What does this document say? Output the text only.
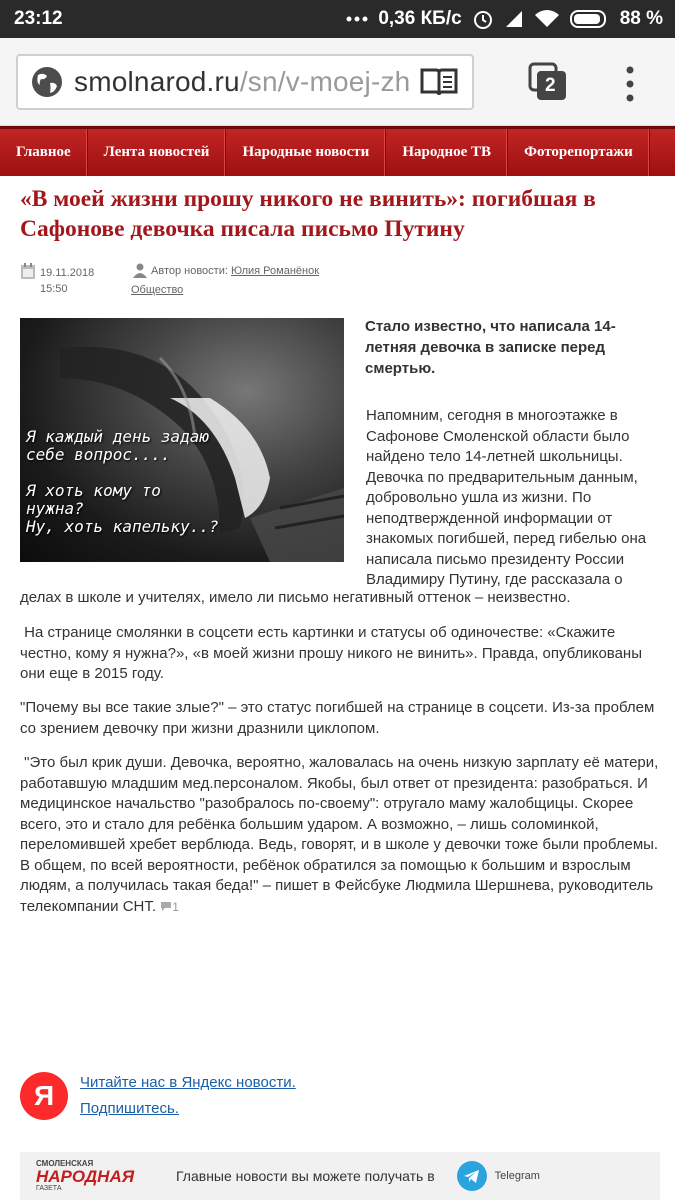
23:12	0,36 КБ/с	88 %
smolnarod.ru/sn/v-moej-zh	2
Главное	Лента новостей	Народные новости	Народное ТВ	Фоторепортажи
«В моей жизни прошу никого не винить»: погибшая в Сафонове девочка писала письмо Путину
19.11.2018
15:50
Автор новости: Юлия Романёнок
Общество
Я каждый день задаю
себе вопрос....

Я хоть кому то
нужна?
Ну, хоть капельку..?

Стало известно, что написала 14-летняя девочка в записке перед смертью.

Напомним, сегодня в многоэтажке в Сафонове Смоленской области было найдено тело 14-летней школьницы. Девочка по предварительным данным, добровольно ушла из жизни. По неподтвержденной информации от знакомых погибшей, перед гибелью она написала письмо президенту России Владимиру Путину, где рассказала о

делах в школе и учителях, имело ли письмо негативный оттенок – неизвестно.

На странице смолянки в соцсети есть картинки и статусы об одиночестве: «Скажите честно, кому я нужна?», «в моей жизни прошу никого не винить». Правда, опубликованы они еще в 2015 году.

"Почему вы все такие злые?" – это статус погибшей на странице в соцсети. Из-за проблем со зрением девочку при жизни дразнили циклопом.

"Это был крик души. Девочка, вероятно, жаловалась на очень низкую зарплату её матери, работавшую младшим мед.персоналом. Якобы, был ответ от президента: разобраться. И медицинское начальство "разобралось по-своему": отругало маму жалобщицы. Скорее всего, это и стало для ребёнка большим ударом. А возможно, – лишь соломинкой, переломившей хребет верблюда. Ведь, говорят, и в школе у девочки тоже были проблемы. В общем, по всей вероятности, ребёнок обратился за помощью к большим и взрослым людям, а получилась такая беда!" – пишет в Фейсбуке Людмила Шершнева, руководитель телекомпании СНТ. 1

Я	Читайте нас в Яндекс новости.
Подпишитесь.
СМОЛЕНСКАЯ
НАРОДНАЯ
ГАЗЕТА
Главные новости вы можете получать в	Telegram
